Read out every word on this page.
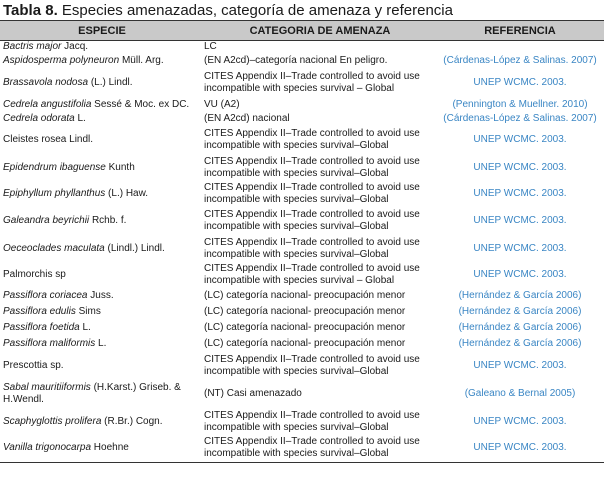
Tabla 8. Especies amenazadas, categoría de amenaza y referencia
ESPECIE	CATEGORIA DE AMENAZA	REFERENCIA
Bactris major Jacq.	LC	

Aspidosperma polyneuron Müll. Arg.	(EN A2cd)–categoría nacional En peligro.	(Cárdenas-López & Salinas. 2007)
Brassavola nodosa (L.) Lindl.	CITES Appendix II–Trade controlled to avoid use
incompatible with species survival – Global	UNEP WCMC. 2003.
Cedrela angustifolia Sessé & Moc. ex DC.	VU (A2)	(Pennington & Muellner. 2010)
Cedrela odorata L.	(EN A2cd) nacional	(Cárdenas-López & Salinas. 2007)
Cleistes rosea Lindl.	CITES Appendix II–Trade controlled to avoid use
incompatible with species survival–Global	UNEP WCMC. 2003.
Epidendrum ibaguense Kunth	CITES Appendix II–Trade controlled to avoid use
incompatible with species survival–Global	UNEP WCMC. 2003.
Epiphyllum phyllanthus (L.) Haw.	CITES Appendix II–Trade controlled to avoid use
incompatible with species survival–Global	UNEP WCMC. 2003.
Galeandra beyrichii Rchb. f.	CITES Appendix II–Trade controlled to avoid use
incompatible with species survival–Global	UNEP WCMC. 2003.
Oeceoclades maculata (Lindl.) Lindl.	CITES Appendix II–Trade controlled to avoid use
incompatible with species survival–Global	UNEP WCMC. 2003.
Palmorchis sp	CITES Appendix II–Trade controlled to avoid use
incompatible with species survival – Global	UNEP WCMC. 2003.
Passiflora coriacea Juss.	(LC) categoría nacional- preocupación menor	(Hernández & García 2006)
Passiflora edulis Sims	(LC) categoría nacional- preocupación menor	(Hernández & García 2006)
Passiflora foetida L.	(LC) categoría nacional- preocupación menor	(Hernández & García 2006)
Passiflora maliformis L.	(LC) categoría nacional- preocupación menor	(Hernández & García 2006)
Prescottia sp.	CITES Appendix II–Trade controlled to avoid use
incompatible with species survival–Global	UNEP WCMC. 2003.
Sabal mauritiiformis (H.Karst.) Griseb. &
H.Wendl.	(NT) Casi amenazado	(Galeano & Bernal 2005)
Scaphyglottis prolifera (R.Br.) Cogn.	CITES Appendix II–Trade controlled to avoid use
incompatible with species survival–Global	UNEP WCMC. 2003.
Vanilla trigonocarpa Hoehne	CITES Appendix II–Trade controlled to avoid use
incompatible with species survival–Global	UNEP WCMC. 2003.
